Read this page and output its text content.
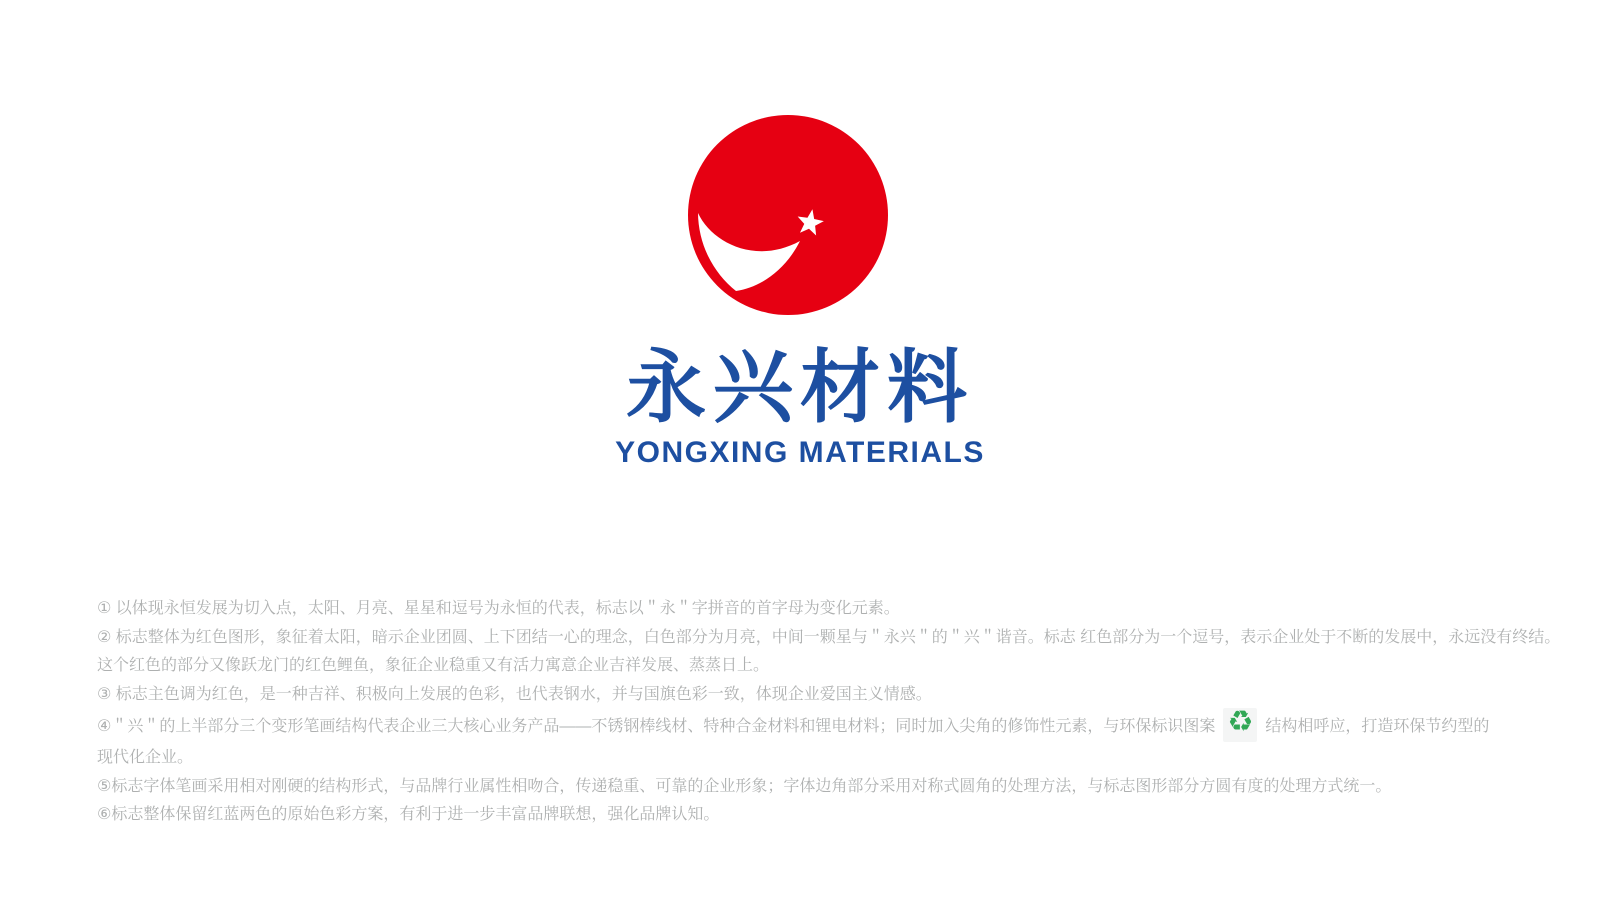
永兴材料
YONGXING MATERIALS
① 以体现永恒发展为切入点，太阳、月亮、星星和逗号为永恒的代表，标志以＂永＂字拼音的首字母为变化元素。
② 标志整体为红色图形，象征着太阳，暗示企业团圆、上下团结一心的理念，白色部分为月亮，中间一颗星与＂永兴＂的＂兴＂谐音。标志 红色部分为一个逗号，表示企业处于不断的发展中，永远没有终结。
这个红色的部分又像跃龙门的红色鲤鱼，象征企业稳重又有活力寓意企业吉祥发展、蒸蒸日上。
③ 标志主色调为红色，是一种吉祥、积极向上发展的色彩，也代表钢水，并与国旗色彩一致，体现企业爱国主义情感。
④＂兴＂的上半部分三个变形笔画结构代表企业三大核心业务产品——不锈钢棒线材、特种合金材料和锂电材料；同时加入尖角的修饰性元素，与环保标识图案 ♻ 结构相呼应，打造环保节约型的
现代化企业。
⑤标志字体笔画采用相对刚硬的结构形式，与品牌行业属性相吻合，传递稳重、可靠的企业形象；字体边角部分采用对称式圆角的处理方法，与标志图形部分方圆有度的处理方式统一。
⑥标志整体保留红蓝两色的原始色彩方案，有利于进一步丰富品牌联想，强化品牌认知。
